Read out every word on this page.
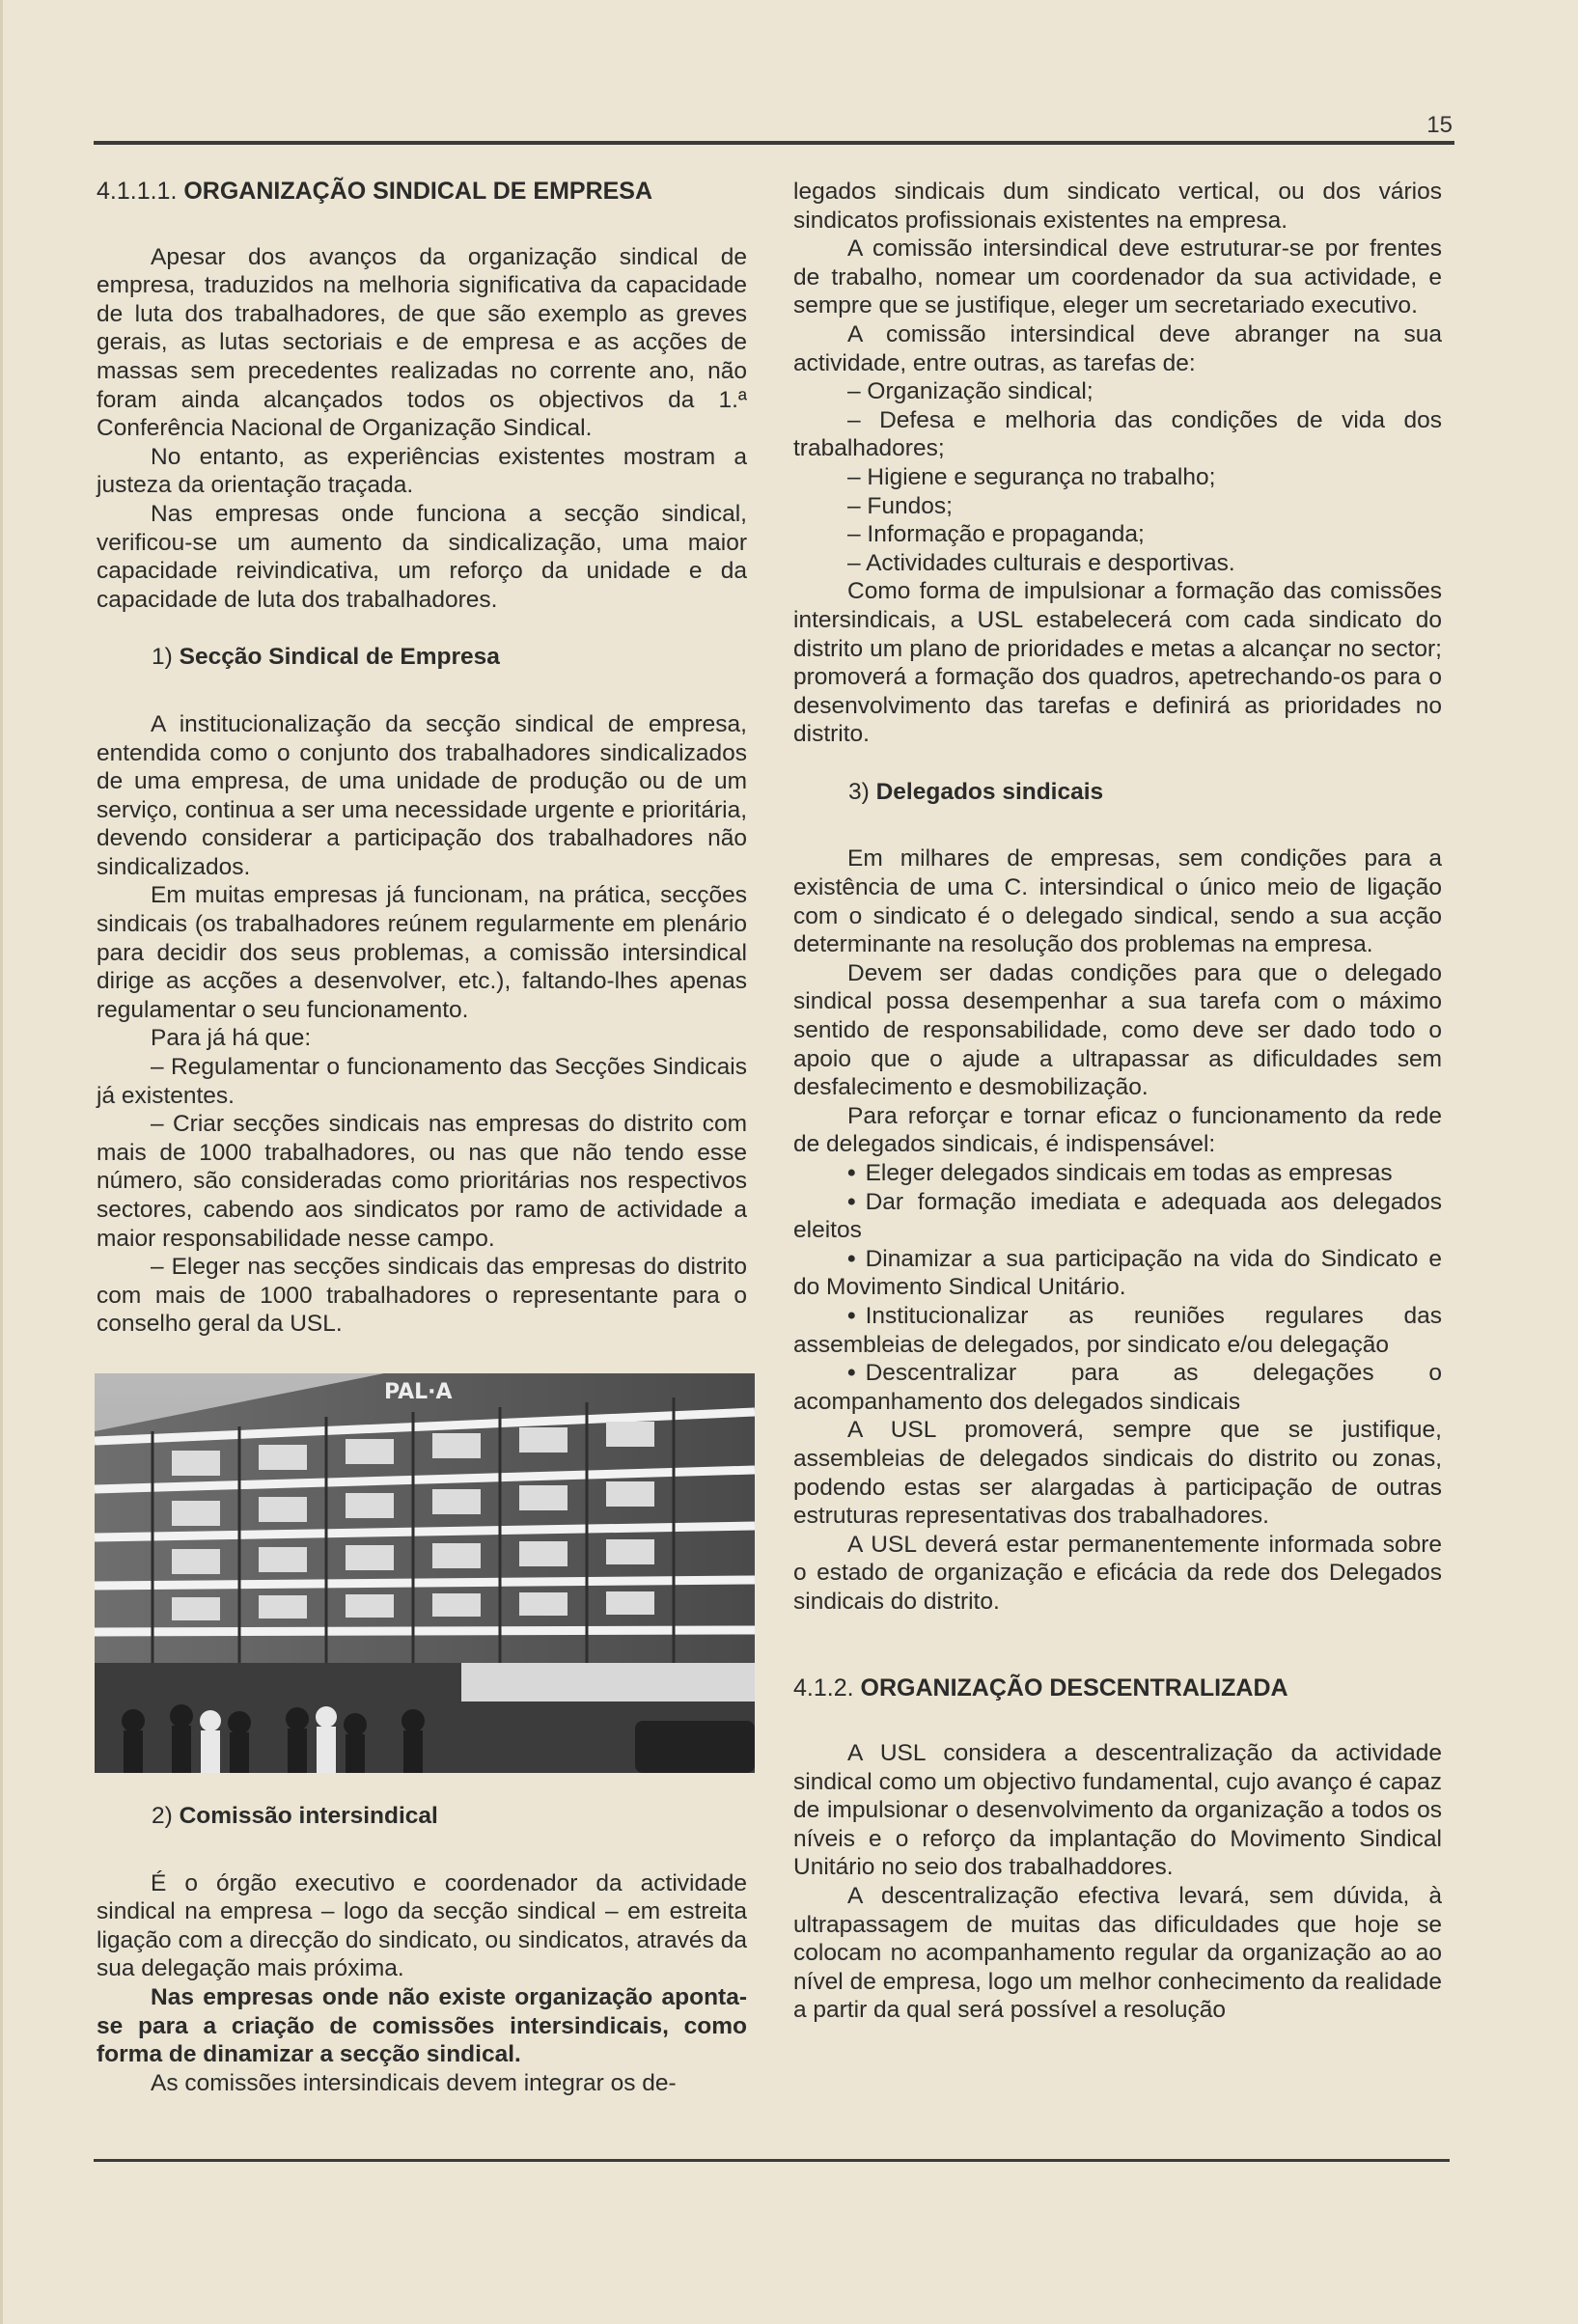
15
4.1.1.1. ORGANIZAÇÃO SINDICAL DE EMPRESA

Apesar dos avanços da organização sindical de empresa, traduzidos na melhoria significativa da capacidade de luta dos trabalhadores, de que são exemplo as greves gerais, as lutas sectoriais e de empresa e as acções de massas sem precedentes realizadas no corrente ano, não foram ainda alcançados todos os objectivos da 1.ª Conferência Nacional de Organização Sindical.

No entanto, as experiências existentes mostram a justeza da orientação traçada.

Nas empresas onde funciona a secção sindical, verificou-se um aumento da sindicalização, uma maior capacidade reivindicativa, um reforço da unidade e da capacidade de luta dos trabalhadores.

1) Secção Sindical de Empresa

A institucionalização da secção sindical de empresa, entendida como o conjunto dos trabalhadores sindicalizados de uma empresa, de uma unidade de produção ou de um serviço, continua a ser uma necessidade urgente e prioritária, devendo considerar a participação dos trabalhadores não sindicalizados.

Em muitas empresas já funcionam, na prática, secções sindicais (os trabalhadores reúnem regularmente em plenário para decidir dos seus problemas, a comissão intersindical dirige as acções a desenvolver, etc.), faltando-lhes apenas regulamentar o seu funcionamento.

Para já há que:

– Regulamentar o funcionamento das Secções Sindicais já existentes.

– Criar secções sindicais nas empresas do distrito com mais de 1000 trabalhadores, ou nas que não tendo esse número, são consideradas como prioritárias nos respectivos sectores, cabendo aos sindicatos por ramo de actividade a maior responsabilidade nesse campo.

– Eleger nas secções sindicais das empresas do distrito com mais de 1000 trabalhadores o representante para o conselho geral da USL.

PAL·A
2) Comissão intersindical

É o órgão executivo e coordenador da actividade sindical na empresa – logo da secção sindical – em estreita ligação com a direcção do sindicato, ou sindicatos, através da sua delegação mais próxima.

Nas empresas onde não existe organização aponta-se para a criação de comissões intersindicais, como forma de dinamizar a secção sindical.

As comissões intersindicais devem integrar os de-

legados sindicais dum sindicato vertical, ou dos vários sindicatos profissionais existentes na empresa.

A comissão intersindical deve estruturar-se por frentes de trabalho, nomear um coordenador da sua actividade, e sempre que se justifique, eleger um secretariado executivo.

A comissão intersindical deve abranger na sua actividade, entre outras, as tarefas de:

– Organização sindical;

– Defesa e melhoria das condições de vida dos trabalhadores;

– Higiene e segurança no trabalho;

– Fundos;

– Informação e propaganda;

– Actividades culturais e desportivas.

Como forma de impulsionar a formação das comissões intersindicais, a USL estabelecerá com cada sindicato do distrito um plano de prioridades e metas a alcançar no sector; promoverá a formação dos quadros, apetrechando-os para o desenvolvimento das tarefas e definirá as prioridades no distrito.

3) Delegados sindicais

Em milhares de empresas, sem condições para a existência de uma C. intersindical o único meio de ligação com o sindicato é o delegado sindical, sendo a sua acção determinante na resolução dos problemas na empresa.

Devem ser dadas condições para que o delegado sindical possa desempenhar a sua tarefa com o máximo sentido de responsabilidade, como deve ser dado todo o apoio que o ajude a ultrapassar as dificuldades sem desfalecimento e desmobilização.

Para reforçar e tornar eficaz o funcionamento da rede de delegados sindicais, é indispensável:

• Eleger delegados sindicais em todas as empresas

• Dar formação imediata e adequada aos delegados eleitos

• Dinamizar a sua participação na vida do Sindicato e do Movimento Sindical Unitário.

• Institucionalizar as reuniões regulares das assembleias de delegados, por sindicato e/ou delegação

• Descentralizar para as delegações o acompanhamento dos delegados sindicais

A USL promoverá, sempre que se justifique, assembleias de delegados sindicais do distrito ou zonas, podendo estas ser alargadas à participação de outras estruturas representativas dos trabalhadores.

A USL deverá estar permanentemente informada sobre o estado de organização e eficácia da rede dos Delegados sindicais do distrito.

4.1.2. ORGANIZAÇÃO DESCENTRALIZADA

A USL considera a descentralização da actividade sindical como um objectivo fundamental, cujo avanço é capaz de impulsionar o desenvolvimento da organização a todos os níveis e o reforço da implantação do Movimento Sindical Unitário no seio dos trabalhaddores.

A descentralização efectiva levará, sem dúvida, à ultrapassagem de muitas das dificuldades que hoje se colocam no acompanhamento regular da organização ao ao nível de empresa, logo um melhor conhecimento da realidade a partir da qual será possível a resolução
